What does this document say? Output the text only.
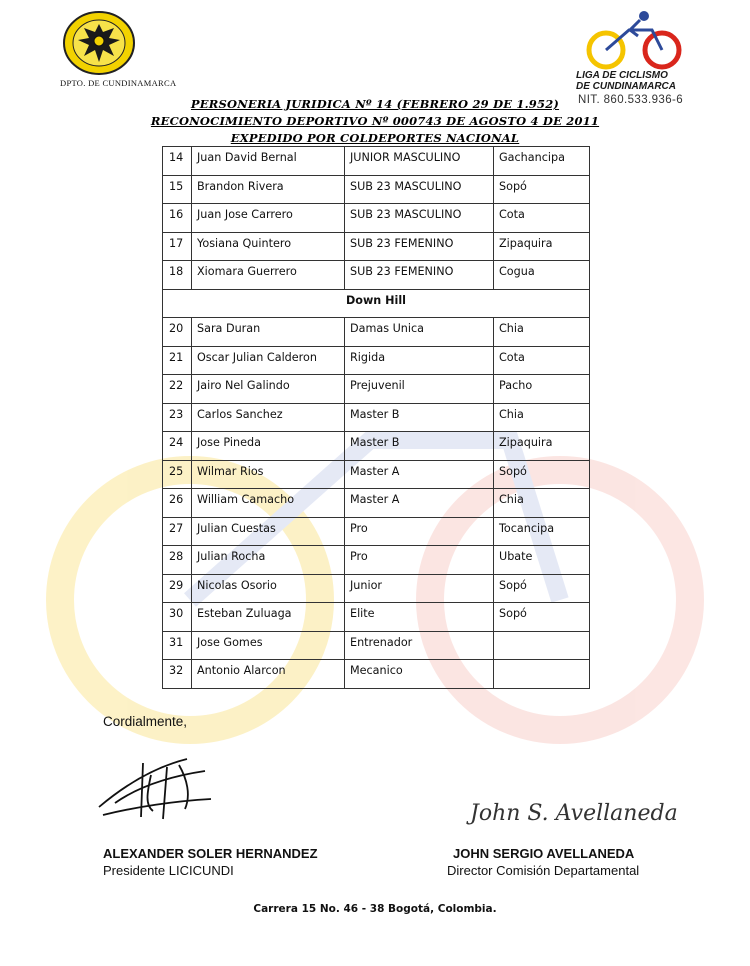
DPTO. DE CUNDINAMARCA
LIGA DE CICLISMO
DE CUNDINAMARCA
NIT. 860.533.936-6
PERSONERIA JURIDICA Nº 14 (FEBRERO 29 DE 1.952)
RECONOCIMIENTO DEPORTIVO Nº 000743 DE AGOSTO 4 DE 2011
EXPEDIDO POR COLDEPORTES NACIONAL
14	Juan David Bernal	JUNIOR MASCULINO	Gachancipa
15	Brandon Rivera	SUB 23 MASCULINO	Sopó
16	Juan Jose Carrero	SUB 23 MASCULINO	Cota
17	Yosiana Quintero	SUB 23 FEMENINO	Zipaquira
18	Xiomara Guerrero	SUB 23 FEMENINO	Cogua
Down Hill			
20	Sara Duran	Damas Unica	Chia
21	Oscar Julian Calderon	Rigida	Cota
22	Jairo Nel Galindo	Prejuvenil	Pacho
23	Carlos Sanchez	Master B	Chia
24	Jose Pineda	Master B	Zipaquira
25	Wilmar Rios	Master A	Sopó
26	William Camacho	Master A	Chia
27	Julian Cuestas	Pro	Tocancipa
28	Julian Rocha	Pro	Ubate
29	Nicolas Osorio	Junior	Sopó
30	Esteban Zuluaga	Elite	Sopó
31	Jose Gomes	Entrenador	
32	Antonio Alarcon	Mecanico	
Cordialmente,
John S. Avellaneda
ALEXANDER SOLER HERNANDEZ
Presidente LICICUNDI
JOHN SERGIO AVELLANEDA
Director Comisión Departamental
Carrera 15 No. 46 - 38 Bogotá, Colombia.
